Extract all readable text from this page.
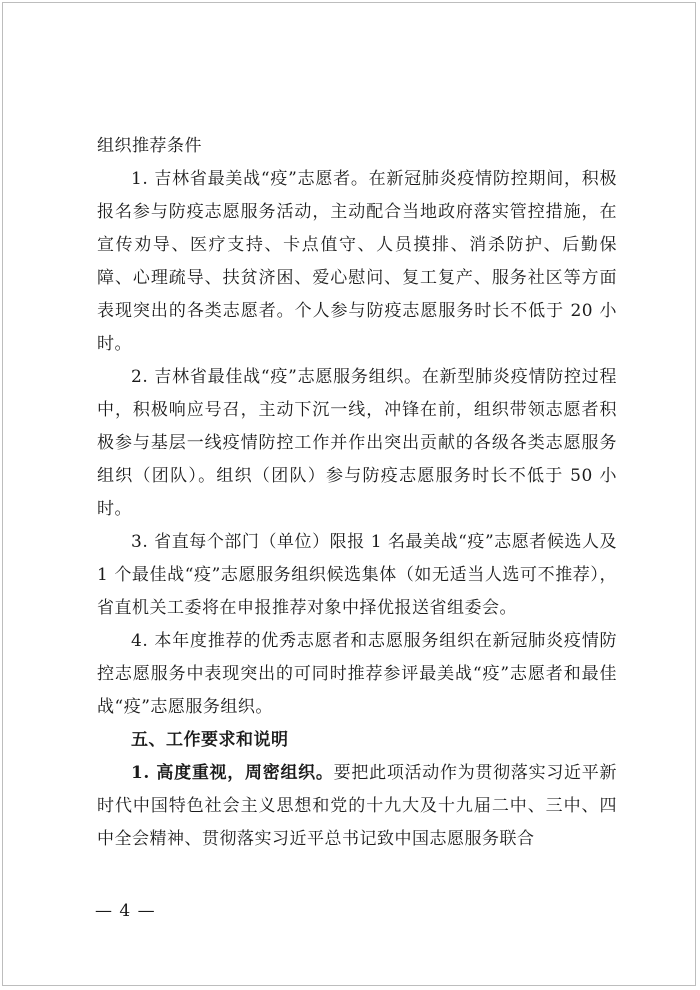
组织推荐条件

1. 吉林省最美战“疫”志愿者。在新冠肺炎疫情防控期间，积极报名参与防疫志愿服务活动，主动配合当地政府落实管控措施，在宣传劝导、医疗支持、卡点值守、人员摸排、消杀防护、后勤保障、心理疏导、扶贫济困、爱心慰问、复工复产、服务社区等方面表现突出的各类志愿者。个人参与防疫志愿服务时长不低于 20 小时。

2. 吉林省最佳战“疫”志愿服务组织。在新型肺炎疫情防控过程中，积极响应号召，主动下沉一线，冲锋在前，组织带领志愿者积极参与基层一线疫情防控工作并作出突出贡献的各级各类志愿服务组织（团队）。组织（团队）参与防疫志愿服务时长不低于 50 小时。

3. 省直每个部门（单位）限报 1 名最美战“疫”志愿者候选人及 1 个最佳战“疫”志愿服务组织候选集体（如无适当人选可不推荐），省直机关工委将在申报推荐对象中择优报送省组委会。

4. 本年度推荐的优秀志愿者和志愿服务组织在新冠肺炎疫情防控志愿服务中表现突出的可同时推荐参评最美战“疫”志愿者和最佳战“疫”志愿服务组织。

五、工作要求和说明

1. 高度重视，周密组织。要把此项活动作为贯彻落实习近平新时代中国特色社会主义思想和党的十九大及十九届二中、三中、四中全会精神、贯彻落实习近平总书记致中国志愿服务联合

— 4 —
